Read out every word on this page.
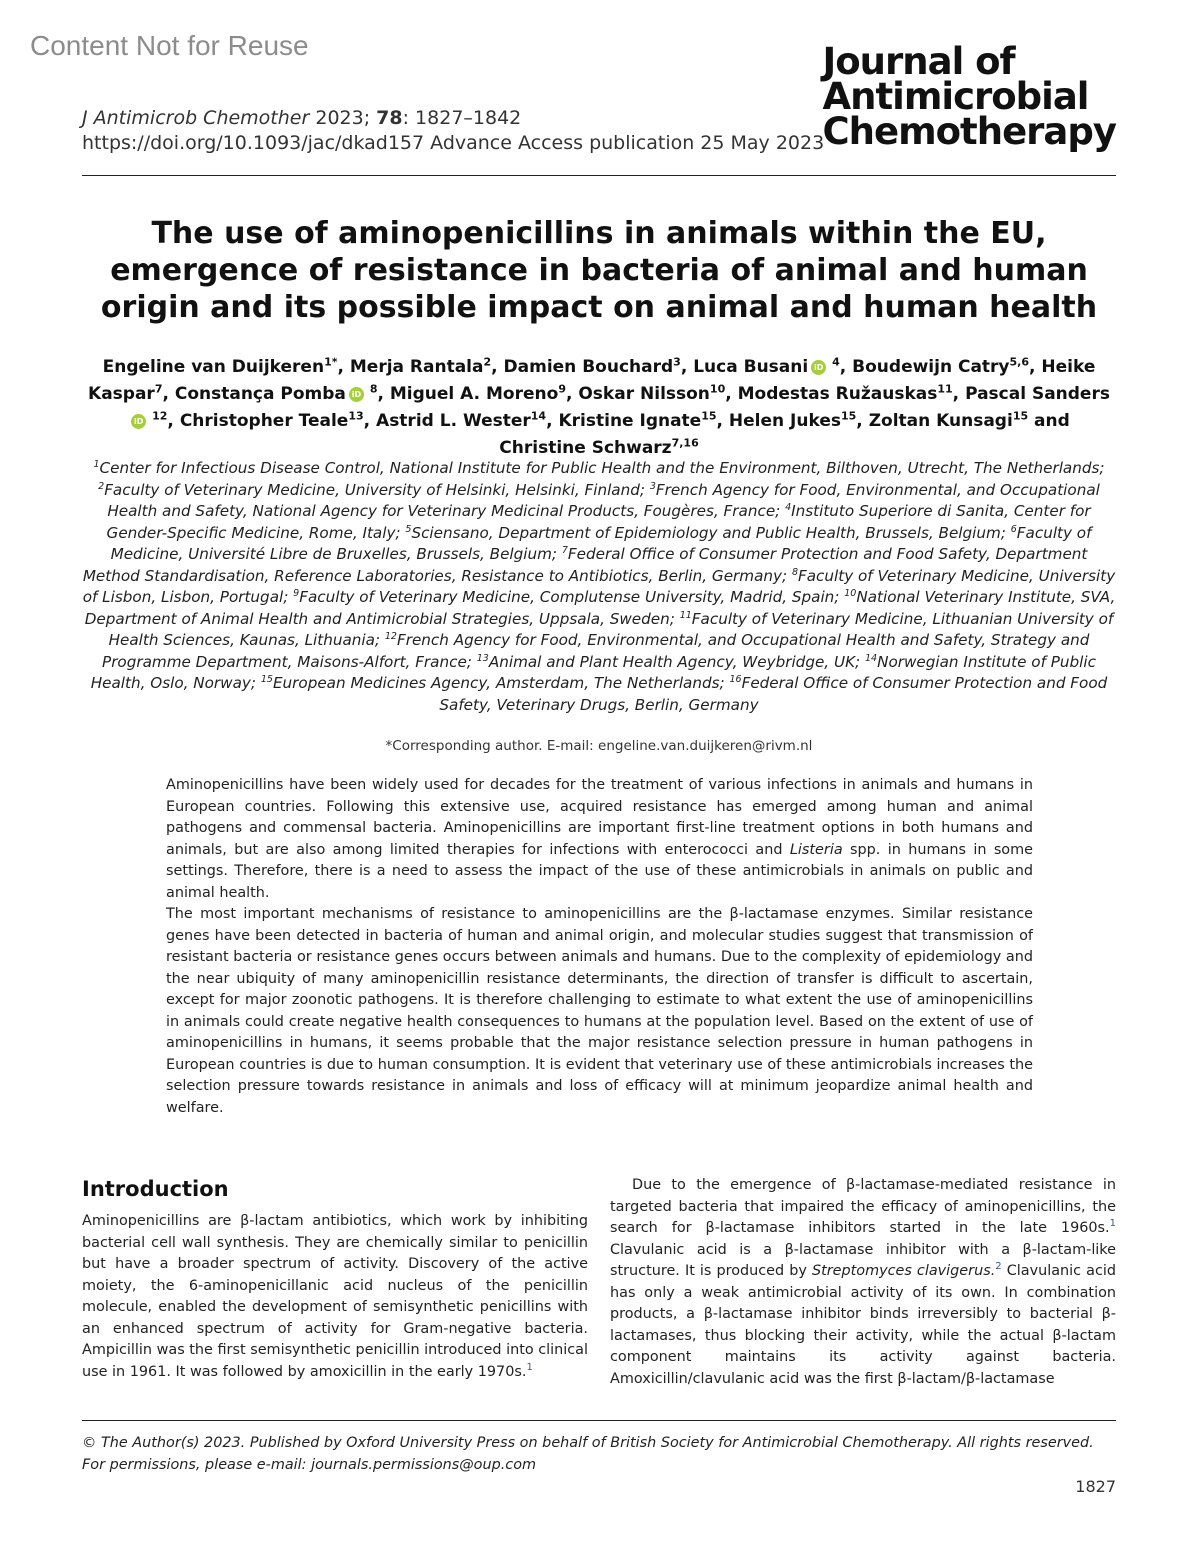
Content Not for Reuse
J Antimicrob Chemother 2023; 78: 1827–1842
https://doi.org/10.1093/jac/dkad157 Advance Access publication 25 May 2023
Journal of
Antimicrobial
Chemotherapy
The use of aminopenicillins in animals within the EU, emergence of resistance in bacteria of animal and human origin and its possible impact on animal and human health
Engeline van Duijkeren$^{1*}$, Merja Rantala$^2$, Damien Bouchard$^3$, Luca Busani iD $^4$, Boudewijn Catry$^{5,6}$, Heike Kaspar$^7$, Constança Pomba iD $^8$, Miguel A. Moreno$^9$, Oskar Nilsson$^{10}$, Modestas Ružauskas$^{11}$, Pascal SandersiD $^{12}$, Christopher Teale$^{13}$, Astrid L. Wester$^{14}$, Kristine Ignate$^{15}$, Helen Jukes$^{15}$, Zoltan Kunsagi$^{15}$ and Christine Schwarz$^{7,16}$
$^1$Center for Infectious Disease Control, National Institute for Public Health and the Environment, Bilthoven, Utrecht, The Netherlands; $^2$Faculty of Veterinary Medicine, University of Helsinki, Helsinki, Finland; $^3$French Agency for Food, Environmental, and Occupational Health and Safety, National Agency for Veterinary Medicinal Products, Fougères, France; $^4$Instituto Superiore di Sanita, Center for Gender-Specific Medicine, Rome, Italy; $^5$Sciensano, Department of Epidemiology and Public Health, Brussels, Belgium; $^6$Faculty of Medicine, Université Libre de Bruxelles, Brussels, Belgium; $^7$Federal Office of Consumer Protection and Food Safety, Department Method Standardisation, Reference Laboratories, Resistance to Antibiotics, Berlin, Germany; $^8$Faculty of Veterinary Medicine, University of Lisbon, Lisbon, Portugal; $^9$Faculty of Veterinary Medicine, Complutense University, Madrid, Spain; $^{10}$National Veterinary Institute, SVA, Department of Animal Health and Antimicrobial Strategies, Uppsala, Sweden; $^{11}$Faculty of Veterinary Medicine, Lithuanian University of Health Sciences, Kaunas, Lithuania; $^{12}$French Agency for Food, Environmental, and Occupational Health and Safety, Strategy and Programme Department, Maisons-Alfort, France; $^{13}$Animal and Plant Health Agency, Weybridge, UK; $^{14}$Norwegian Institute of Public Health, Oslo, Norway; $^{15}$European Medicines Agency, Amsterdam, The Netherlands; $^{16}$Federal Office of Consumer Protection and Food Safety, Veterinary Drugs, Berlin, Germany
*Corresponding author. E-mail: engeline.van.duijkeren@rivm.nl

Aminopenicillins have been widely used for decades for the treatment of various infections in animals and humans in European countries. Following this extensive use, acquired resistance has emerged among human and animal pathogens and commensal bacteria. Aminopenicillins are important first-line treatment options in both humans and animals, but are also among limited therapies for infections with enterococci and Listeria spp. in humans in some settings. Therefore, there is a need to assess the impact of the use of these antimicrobials in animals on public and animal health.

The most important mechanisms of resistance to aminopenicillins are the β-lactamase enzymes. Similar resistance genes have been detected in bacteria of human and animal origin, and molecular studies suggest that transmission of resistant bacteria or resistance genes occurs between animals and humans. Due to the complexity of epidemiology and the near ubiquity of many aminopenicillin resistance determinants, the direction of transfer is difficult to ascertain, except for major zoonotic pathogens. It is therefore challenging to estimate to what extent the use of aminopenicillins in animals could create negative health consequences to humans at the population level. Based on the extent of use of aminopenicillins in humans, it seems probable that the major resistance selection pressure in human pathogens in European countries is due to human consumption. It is evident that veterinary use of these antimicrobials increases the selection pressure towards resistance in animals and loss of efficacy will at minimum jeopardize animal health and welfare.

Introduction

Aminopenicillins are β-lactam antibiotics, which work by inhibiting bacterial cell wall synthesis. They are chemically similar to penicillin but have a broader spectrum of activity. Discovery of the active moiety, the 6-aminopenicillanic acid nucleus of the penicillin molecule, enabled the development of semisynthetic penicillins with an enhanced spectrum of activity for Gram-negative bacteria. Ampicillin was the first semisynthetic penicillin introduced into clinical use in 1961. It was followed by amoxicillin in the early 1970s.$^1$

Due to the emergence of β-lactamase-mediated resistance in targeted bacteria that impaired the efficacy of aminopenicillins, the search for β-lactamase inhibitors started in the late 1960s.$^1$ Clavulanic acid is a β-lactamase inhibitor with a β-lactam-like structure. It is produced by Streptomyces clavigerus.$^2$ Clavulanic acid has only a weak antimicrobial activity of its own. In combination products, a β-lactamase inhibitor binds irreversibly to bacterial β-lactamases, thus blocking their activity, while the actual β-lactam component maintains its activity against bacteria. Amoxicillin/clavulanic acid was the first β-lactam/β-lactamase

© The Author(s) 2023. Published by Oxford University Press on behalf of British Society for Antimicrobial Chemotherapy. All rights reserved. For permissions, please e-mail: journals.permissions@oup.com
1827
